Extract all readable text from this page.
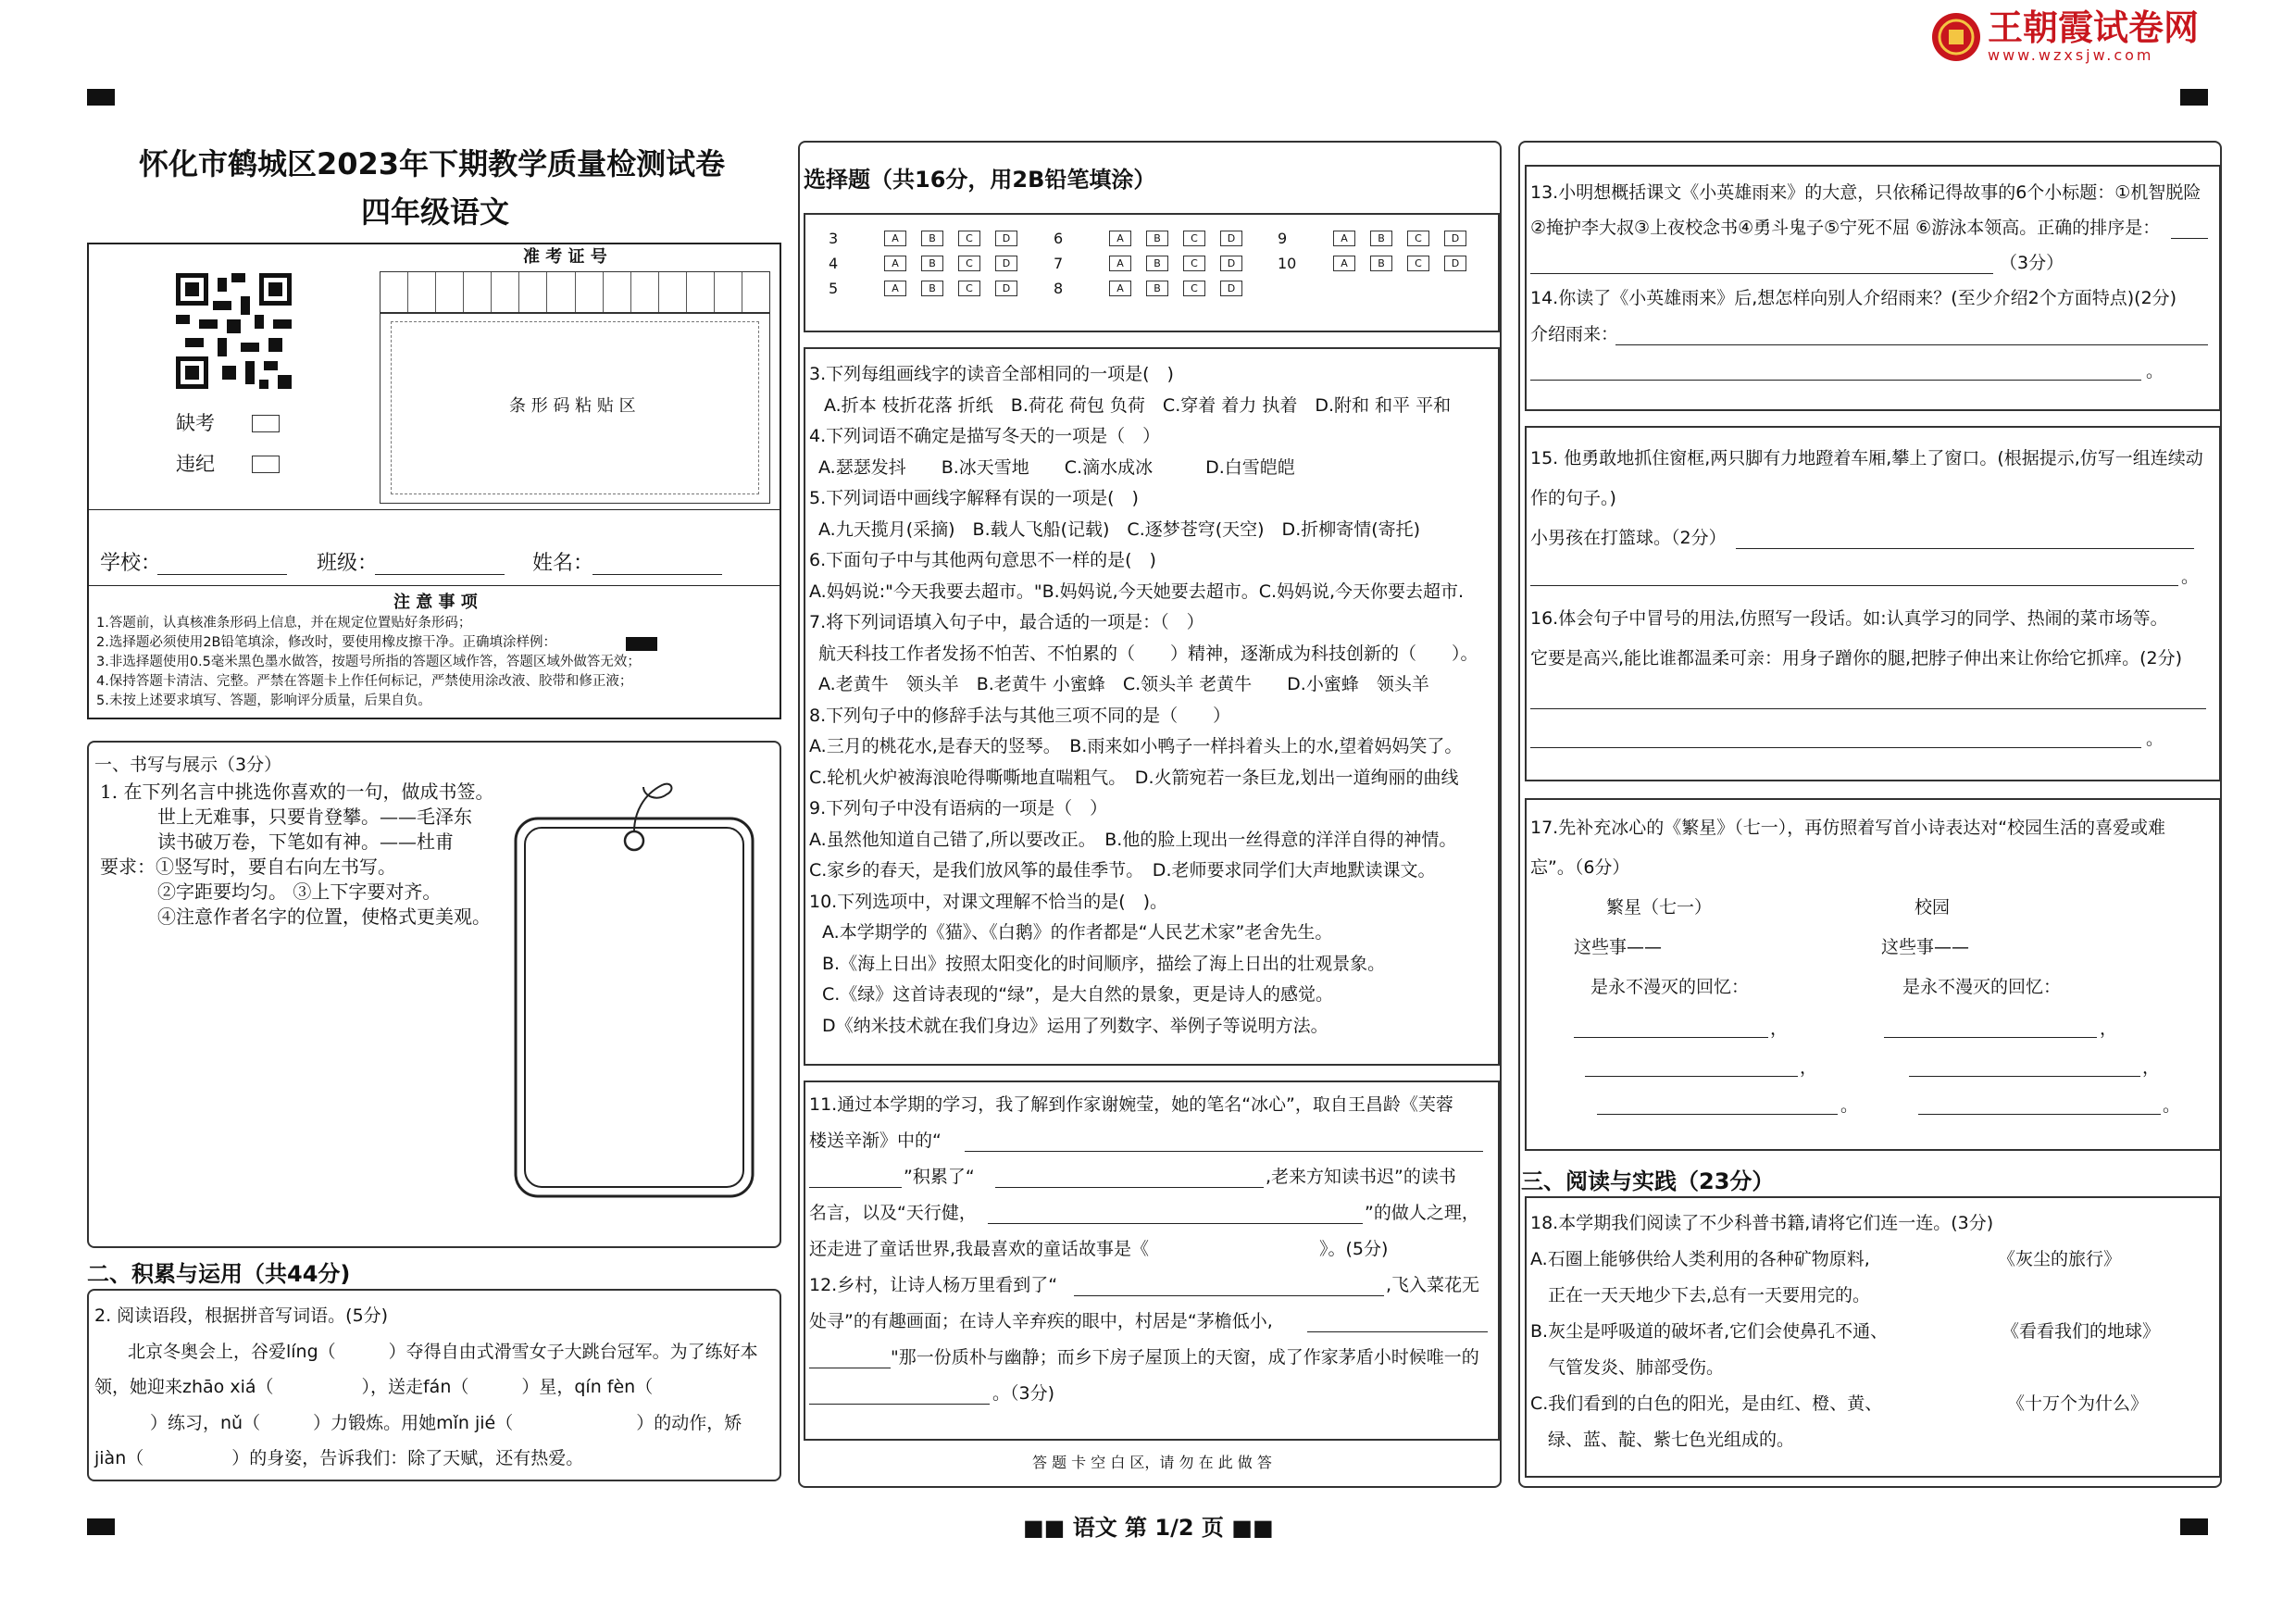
王朝霞试卷网
www.wzxsjw.com
怀化市鹤城区2023年下期教学质量检测试卷
四年级语文
缺考
违纪
准 考 证 号
条 形 码 粘 贴 区
学校：	班级：	姓名：
注 意 事 项
1.答题前，认真核准条形码上信息，并在规定位置贴好条形码；
2.选择题必须使用2B铅笔填涂，修改时，要使用橡皮擦干净。正确填涂样例：
3.非选择题使用0.5毫米黑色墨水做答，按题号所指的答题区域作答，答题区域外做答无效；
4.保持答题卡清洁、完整。严禁在答题卡上作任何标记，严禁使用涂改液、胶带和修正液；
5.未按上述要求填写、答题，影响评分质量，后果自负。
一、书写与展示（3分）
1. 在下列名言中挑选你喜欢的一句，做成书签。
世上无难事，只要肯登攀。——毛泽东
读书破万卷，下笔如有神。——杜甫
要求：①竖写时，要自右向左书写。
②字距要均匀。 ③上下字要对齐。
④注意作者名字的位置，使格式更美观。
二、积累与运用（共44分)
2. 阅读语段，根据拼音写词语。(5分)
北京冬奥会上，谷爱líng（　　　）夺得自由式滑雪女子大跳台冠军。为了练好本
领，她迎来zhāo xiá（　　　　　），送走fán（　　　）星，qín fèn（
）练习，nǔ（　　　）力锻炼。用她mǐn jié（　　　　　　　）的动作，矫
jiàn（　　　　　）的身姿，告诉我们：除了天赋，还有热爱。
选择题（共16分，用2B铅笔填涂）
3	A	B	C	D
4	A	B	C	D
5	A	B	C	D
6	A	B	C	D
7	A	B	C	D
8	A	B	C	D
9	A	B	C	D
10	A	B	C	D
3.下列每组画线字的读音全部相同的一项是(　)
A.折本 枝折花落 折纸　B.荷花 荷包 负荷　C.穿着 着力 执着　D.附和 和平 平和
4.下列词语不确定是描写冬天的一项是（　）
A.瑟瑟发抖　　B.冰天雪地　　C.滴水成冰　　　D.白雪皑皑
5.下列词语中画线字解释有误的一项是(　)
A.九天揽月(采摘)　B.载人飞船(记载)　C.逐梦苍穹(天空)　D.折柳寄情(寄托)
6.下面句子中与其他两句意思不一样的是(　)
A.妈妈说:"今天我要去超市。"B.妈妈说,今天她要去超市。C.妈妈说,今天你要去超市.
7.将下列词语填入句子中，最合适的一项是：（　）
航天科技工作者发扬不怕苦、不怕累的（　　）精神，逐渐成为科技创新的（　　）。
A.老黄牛　领头羊　B.老黄牛 小蜜蜂　C.领头羊 老黄牛　　D.小蜜蜂　领头羊
8.下列句子中的修辞手法与其他三项不同的是（　　）
A.三月的桃花水,是春天的竖琴。　B.雨来如小鸭子一样抖着头上的水,望着妈妈笑了。
C.轮机火炉被海浪呛得嘶嘶地直喘粗气。　D.火箭宛若一条巨龙,划出一道绚丽的曲线
9.下列句子中没有语病的一项是（　）
A.虽然他知道自己错了,所以要改正。　B.他的脸上现出一丝得意的洋洋自得的神情。
C.家乡的春天，是我们放风筝的最佳季节。　D.老师要求同学们大声地默读课文。
10.下列选项中，对课文理解不恰当的是(　)。
A.本学期学的《猫》、《白鹅》的作者都是“人民艺术家”老舍先生。
B.《海上日出》按照太阳变化的时间顺序，描绘了海上日出的壮观景象。
C.《绿》这首诗表现的“绿”，是大自然的景象，更是诗人的感觉。
D《纳米技术就在我们身边》运用了列数字、举例子等说明方法。
11.通过本学期的学习，我了解到作家谢婉莹，她的笔名“冰心”，取自王昌龄《芙蓉
楼送辛渐》中的“
”积累了“	,老来方知读书迟”的读书
名言，以及“天行健，	”的做人之理，
还走进了童话世界,我最喜欢的童话故事是《	》。(5分)
12.乡村，让诗人杨万里看到了“	,飞入菜花无
处寻”的有趣画面；在诗人辛弃疾的眼中，村居是“茅檐低小,
"那一份质朴与幽静；而乡下房子屋顶上的天窗，成了作家茅盾小时候唯一的
。（3分)
答 题 卡 空 白 区，请 勿 在 此 做 答
13.小明想概括课文《小英雄雨来》的大意，只依稀记得故事的6个小标题：①机智脱险
②掩护李大叔③上夜校念书④勇斗鬼子⑤宁死不屈 ⑥游泳本领高。正确的排序是：
（3分）
14.你读了《小英雄雨来》后,想怎样向别人介绍雨来？(至少介绍2个方面特点)(2分)
介绍雨来：
。
15. 他勇敢地抓住窗框,两只脚有力地蹬着车厢,攀上了窗口。(根据提示,仿写一组连续动
作的句子。)
小男孩在打篮球。（2分）
。
16.体会句子中冒号的用法,仿照写一段话。如:认真学习的同学、热闹的菜市场等。
它要是高兴,能比谁都温柔可亲：用身子蹭你的腿,把脖子伸出来让你给它抓痒。(2分)
。
17.先补充冰心的《繁星》（七一），再仿照着写首小诗表达对“校园生活的喜爱或难
忘”。（6分）
繁星（七一）	校园
这些事——	这些事——
是永不漫灭的回忆：	是永不漫灭的回忆：
，	，
，	，
。	。
三、阅读与实践（23分）
18.本学期我们阅读了不少科普书籍,请将它们连一连。(3分)
A.石圈上能够供给人类利用的各种矿物原料,	《灰尘的旅行》
正在一天天地少下去,总有一天要用完的。
B.灰尘是呼吸道的破坏者,它们会使鼻孔不通、	《看看我们的地球》
气管发炎、肺部受伤。
C.我们看到的白色的阳光，是由红、橙、黄、	《十万个为什么》
绿、蓝、靛、紫七色光组成的。
■■ 语文 第 1/2 页 ■■
